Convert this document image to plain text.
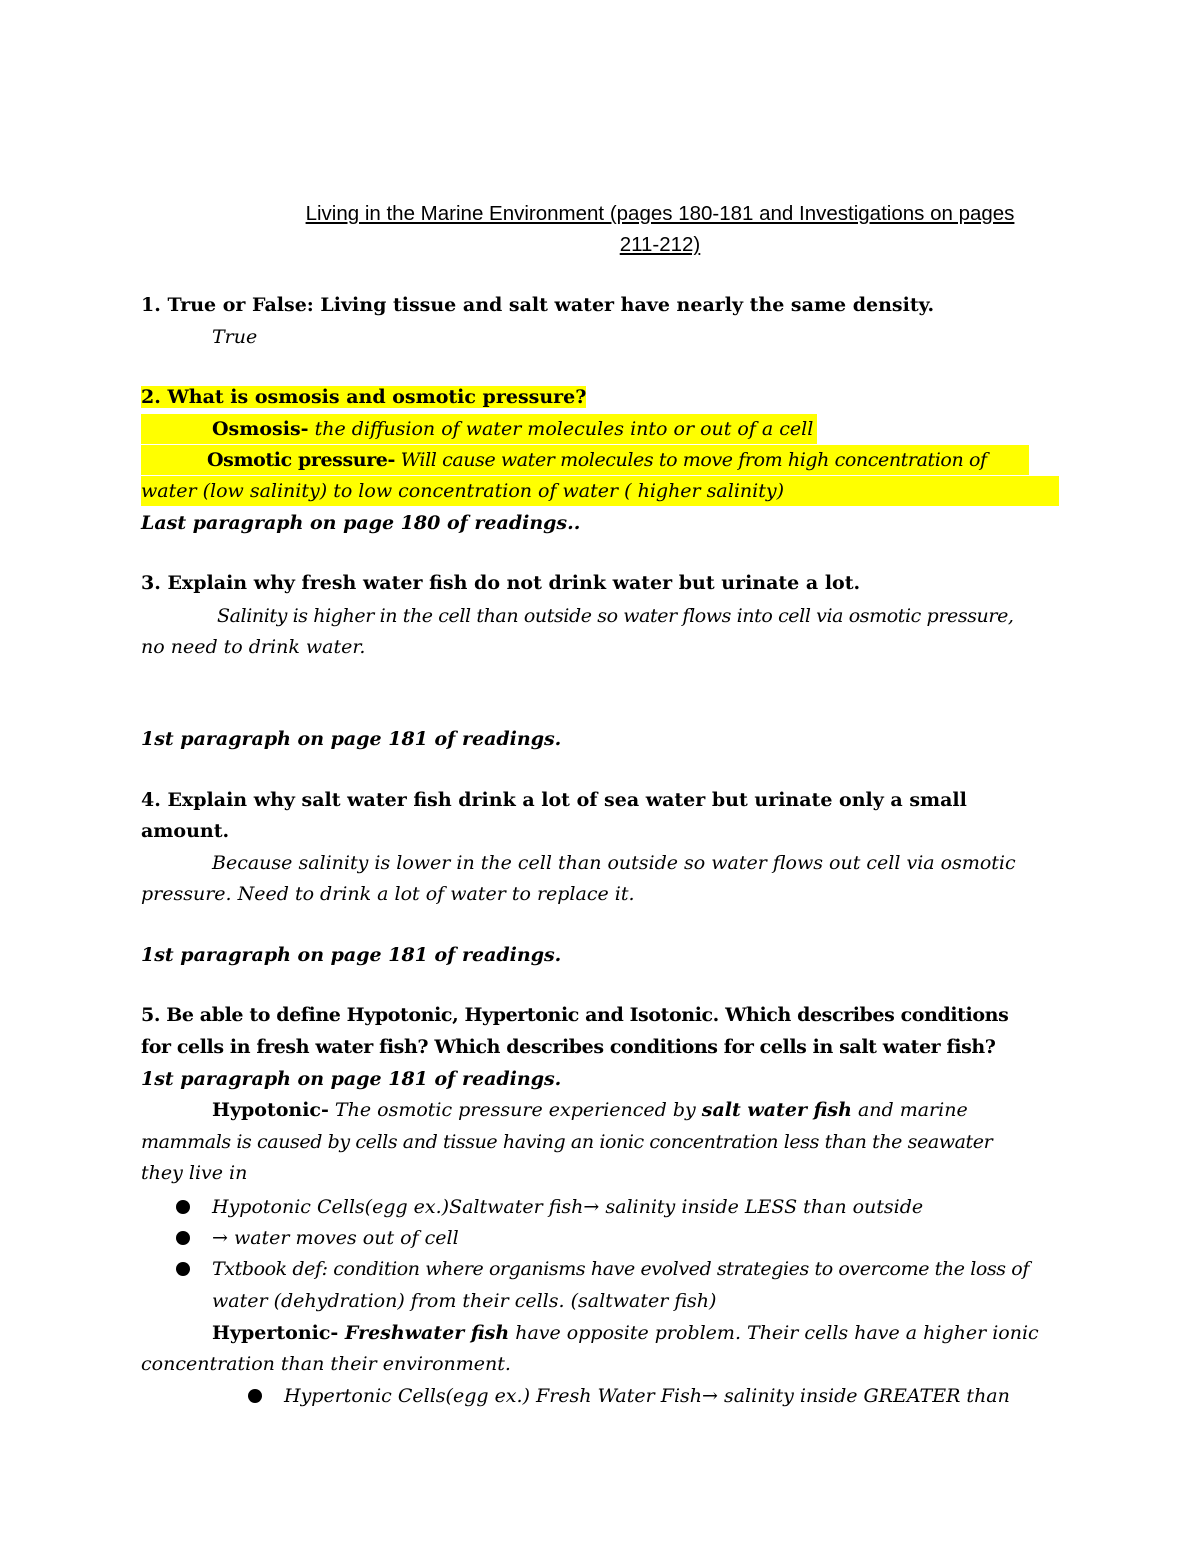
Living in the Marine Environment (pages 180-181 and Investigations on pages
211-212)
1. True or False: Living tissue and salt water have nearly the same density.
True
2. What is osmosis and osmotic pressure?
Osmosis- the diffusion of water molecules into or out of a cell
Osmotic pressure- Will cause water molecules to move from high concentration of
water (low salinity) to low concentration of water ( higher salinity)
Last paragraph on page 180 of readings..
3. Explain why fresh water fish do not drink water but urinate a lot.
Salinity is higher in the cell than outside so water flows into cell via osmotic pressure,
no need to drink water.
1st paragraph on page 181 of readings.
4. Explain why salt water fish drink a lot of sea water but urinate only a small
amount.
Because salinity is lower in the cell than outside so water flows out cell via osmotic
pressure. Need to drink a lot of water to replace it.
1st paragraph on page 181 of readings.
5. Be able to define Hypotonic, Hypertonic and Isotonic. Which describes conditions
for cells in fresh water fish? Which describes conditions for cells in salt water fish?
1st paragraph on page 181 of readings.
Hypotonic- The osmotic pressure experienced by salt water fish and marine
mammals is caused by cells and tissue having an ionic concentration less than the seawater
they live in
Hypotonic Cells(egg ex.)Saltwater fish→ salinity inside LESS than outside
→ water moves out of cell
Txtbook def: condition where organisms have evolved strategies to overcome the loss of
water (dehydration) from their cells. (saltwater fish)
Hypertonic- Freshwater fish have opposite problem. Their cells have a higher ionic
concentration than their environment.
Hypertonic Cells(egg ex.) Fresh Water Fish→ salinity inside GREATER than
